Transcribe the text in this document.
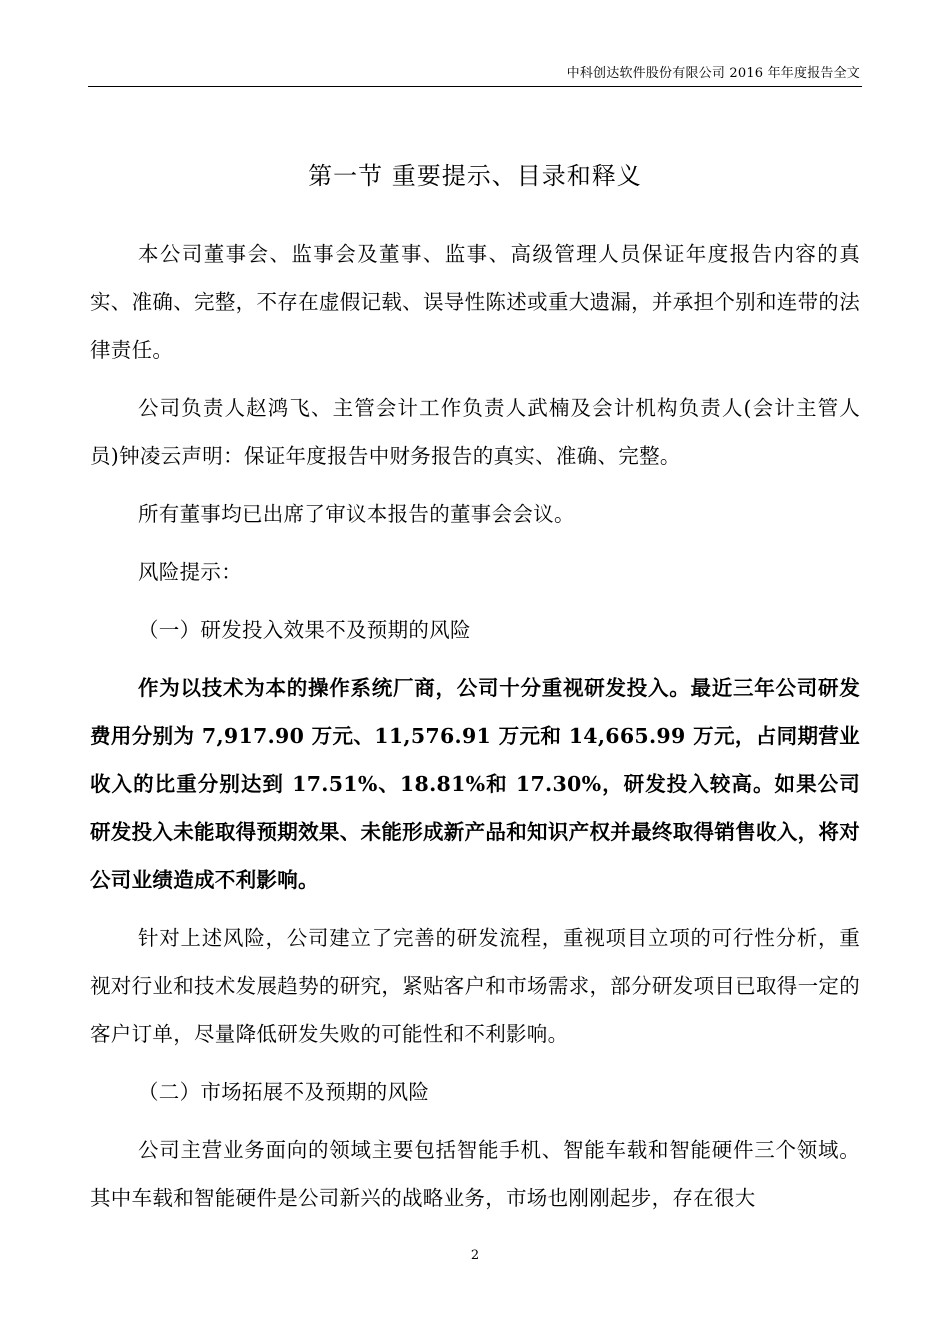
中科创达软件股份有限公司 2016 年年度报告全文
第一节 重要提示、目录和释义

本公司董事会、监事会及董事、监事、高级管理人员保证年度报告内容的真实、准确、完整，不存在虚假记载、误导性陈述或重大遗漏，并承担个别和连带的法律责任。

公司负责人赵鸿飞、主管会计工作负责人武楠及会计机构负责人(会计主管人员)钟凌云声明：保证年度报告中财务报告的真实、准确、完整。

所有董事均已出席了审议本报告的董事会会议。

风险提示：

（一）研发投入效果不及预期的风险

作为以技术为本的操作系统厂商，公司十分重视研发投入。最近三年公司研发费用分别为 7,917.90 万元、11,576.91 万元和 14,665.99 万元，占同期营业收入的比重分别达到 17.51%、18.81%和 17.30%，研发投入较高。如果公司研发投入未能取得预期效果、未能形成新产品和知识产权并最终取得销售收入，将对公司业绩造成不利影响。

针对上述风险，公司建立了完善的研发流程，重视项目立项的可行性分析，重视对行业和技术发展趋势的研究，紧贴客户和市场需求，部分研发项目已取得一定的客户订单，尽量降低研发失败的可能性和不利影响。

（二）市场拓展不及预期的风险

公司主营业务面向的领域主要包括智能手机、智能车载和智能硬件三个领域。其中车载和智能硬件是公司新兴的战略业务，市场也刚刚起步，存在很大

2
